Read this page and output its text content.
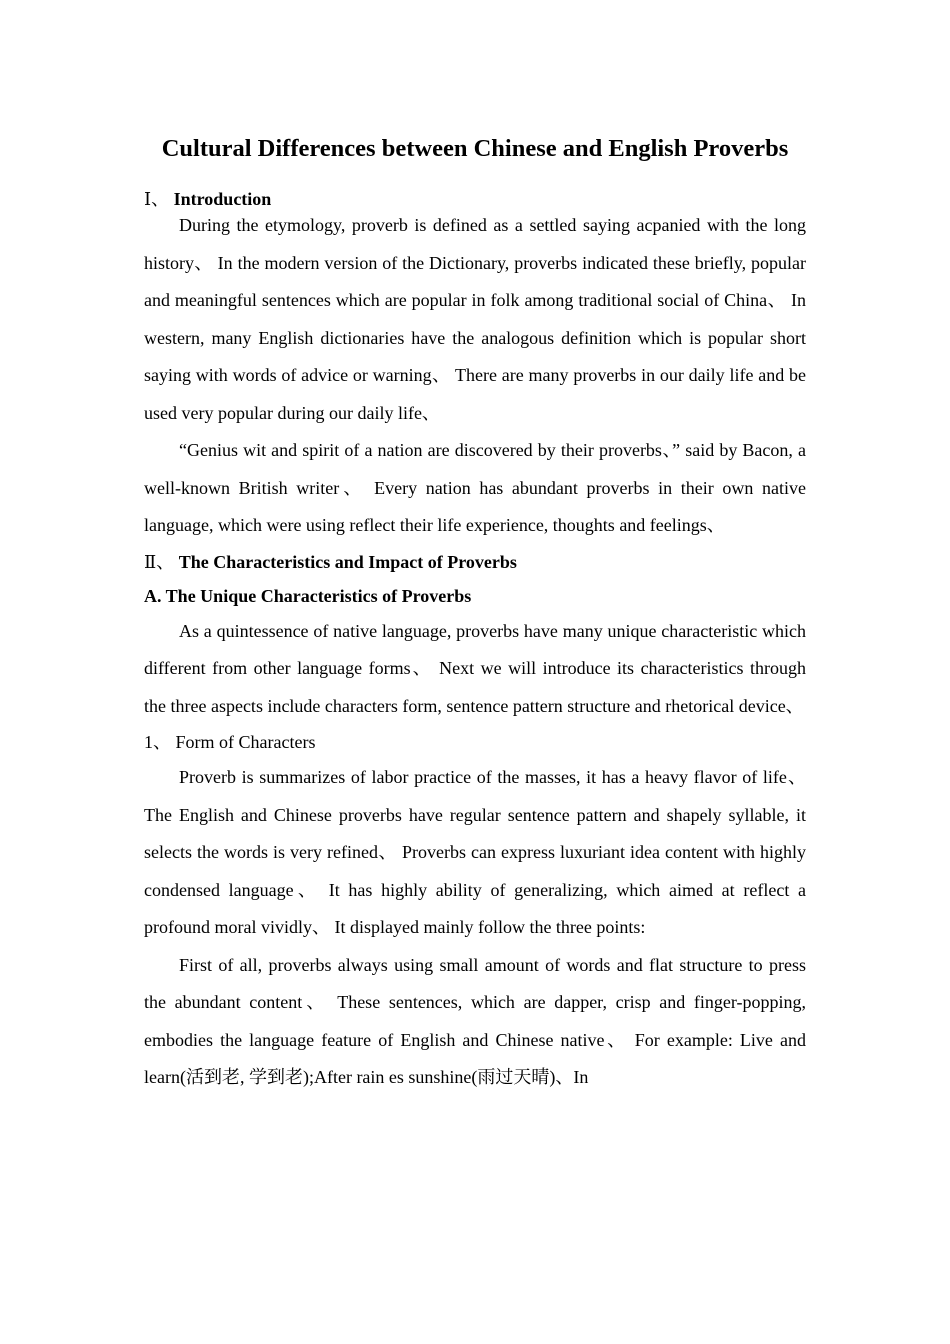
Cultural Differences between Chinese and English Proverbs

Ⅰ、 Introduction

During the etymology, proverb is defined as a settled saying acpanied with the long history、 In the modern version of the Dictionary, proverbs indicated these briefly, popular and meaningful sentences which are popular in folk among traditional social of China、 In western, many English dictionaries have the analogous definition which is popular short saying with words of advice or warning、 There are many proverbs in our daily life and be used very popular during our daily life、

“Genius wit and spirit of a nation are discovered by their proverbs、” said by Bacon, a well-known British writer、 Every nation has abundant proverbs in their own native language, which were using reflect their life experience, thoughts and feelings、

Ⅱ、 The Characteristics and Impact of Proverbs

A. The Unique Characteristics of Proverbs

As a quintessence of native language, proverbs have many unique characteristic which different from other language forms、 Next we will introduce its characteristics through the three aspects include characters form, sentence pattern structure and rhetorical device、

1、 Form of Characters

Proverb is summarizes of labor practice of the masses, it has a heavy flavor of life、 The English and Chinese proverbs have regular sentence pattern and shapely syllable, it selects the words is very refined、 Proverbs can express luxuriant idea content with highly condensed language、 It has highly ability of generalizing, which aimed at reflect a profound moral vividly、 It displayed mainly follow the three points:

First of all, proverbs always using small amount of words and flat structure to press the abundant content、 These sentences, which are dapper, crisp and finger-popping, embodies the language feature of English and Chinese native、 For example: Live and learn(活到老, 学到老);After rain es sunshine(雨过天晴)、In
